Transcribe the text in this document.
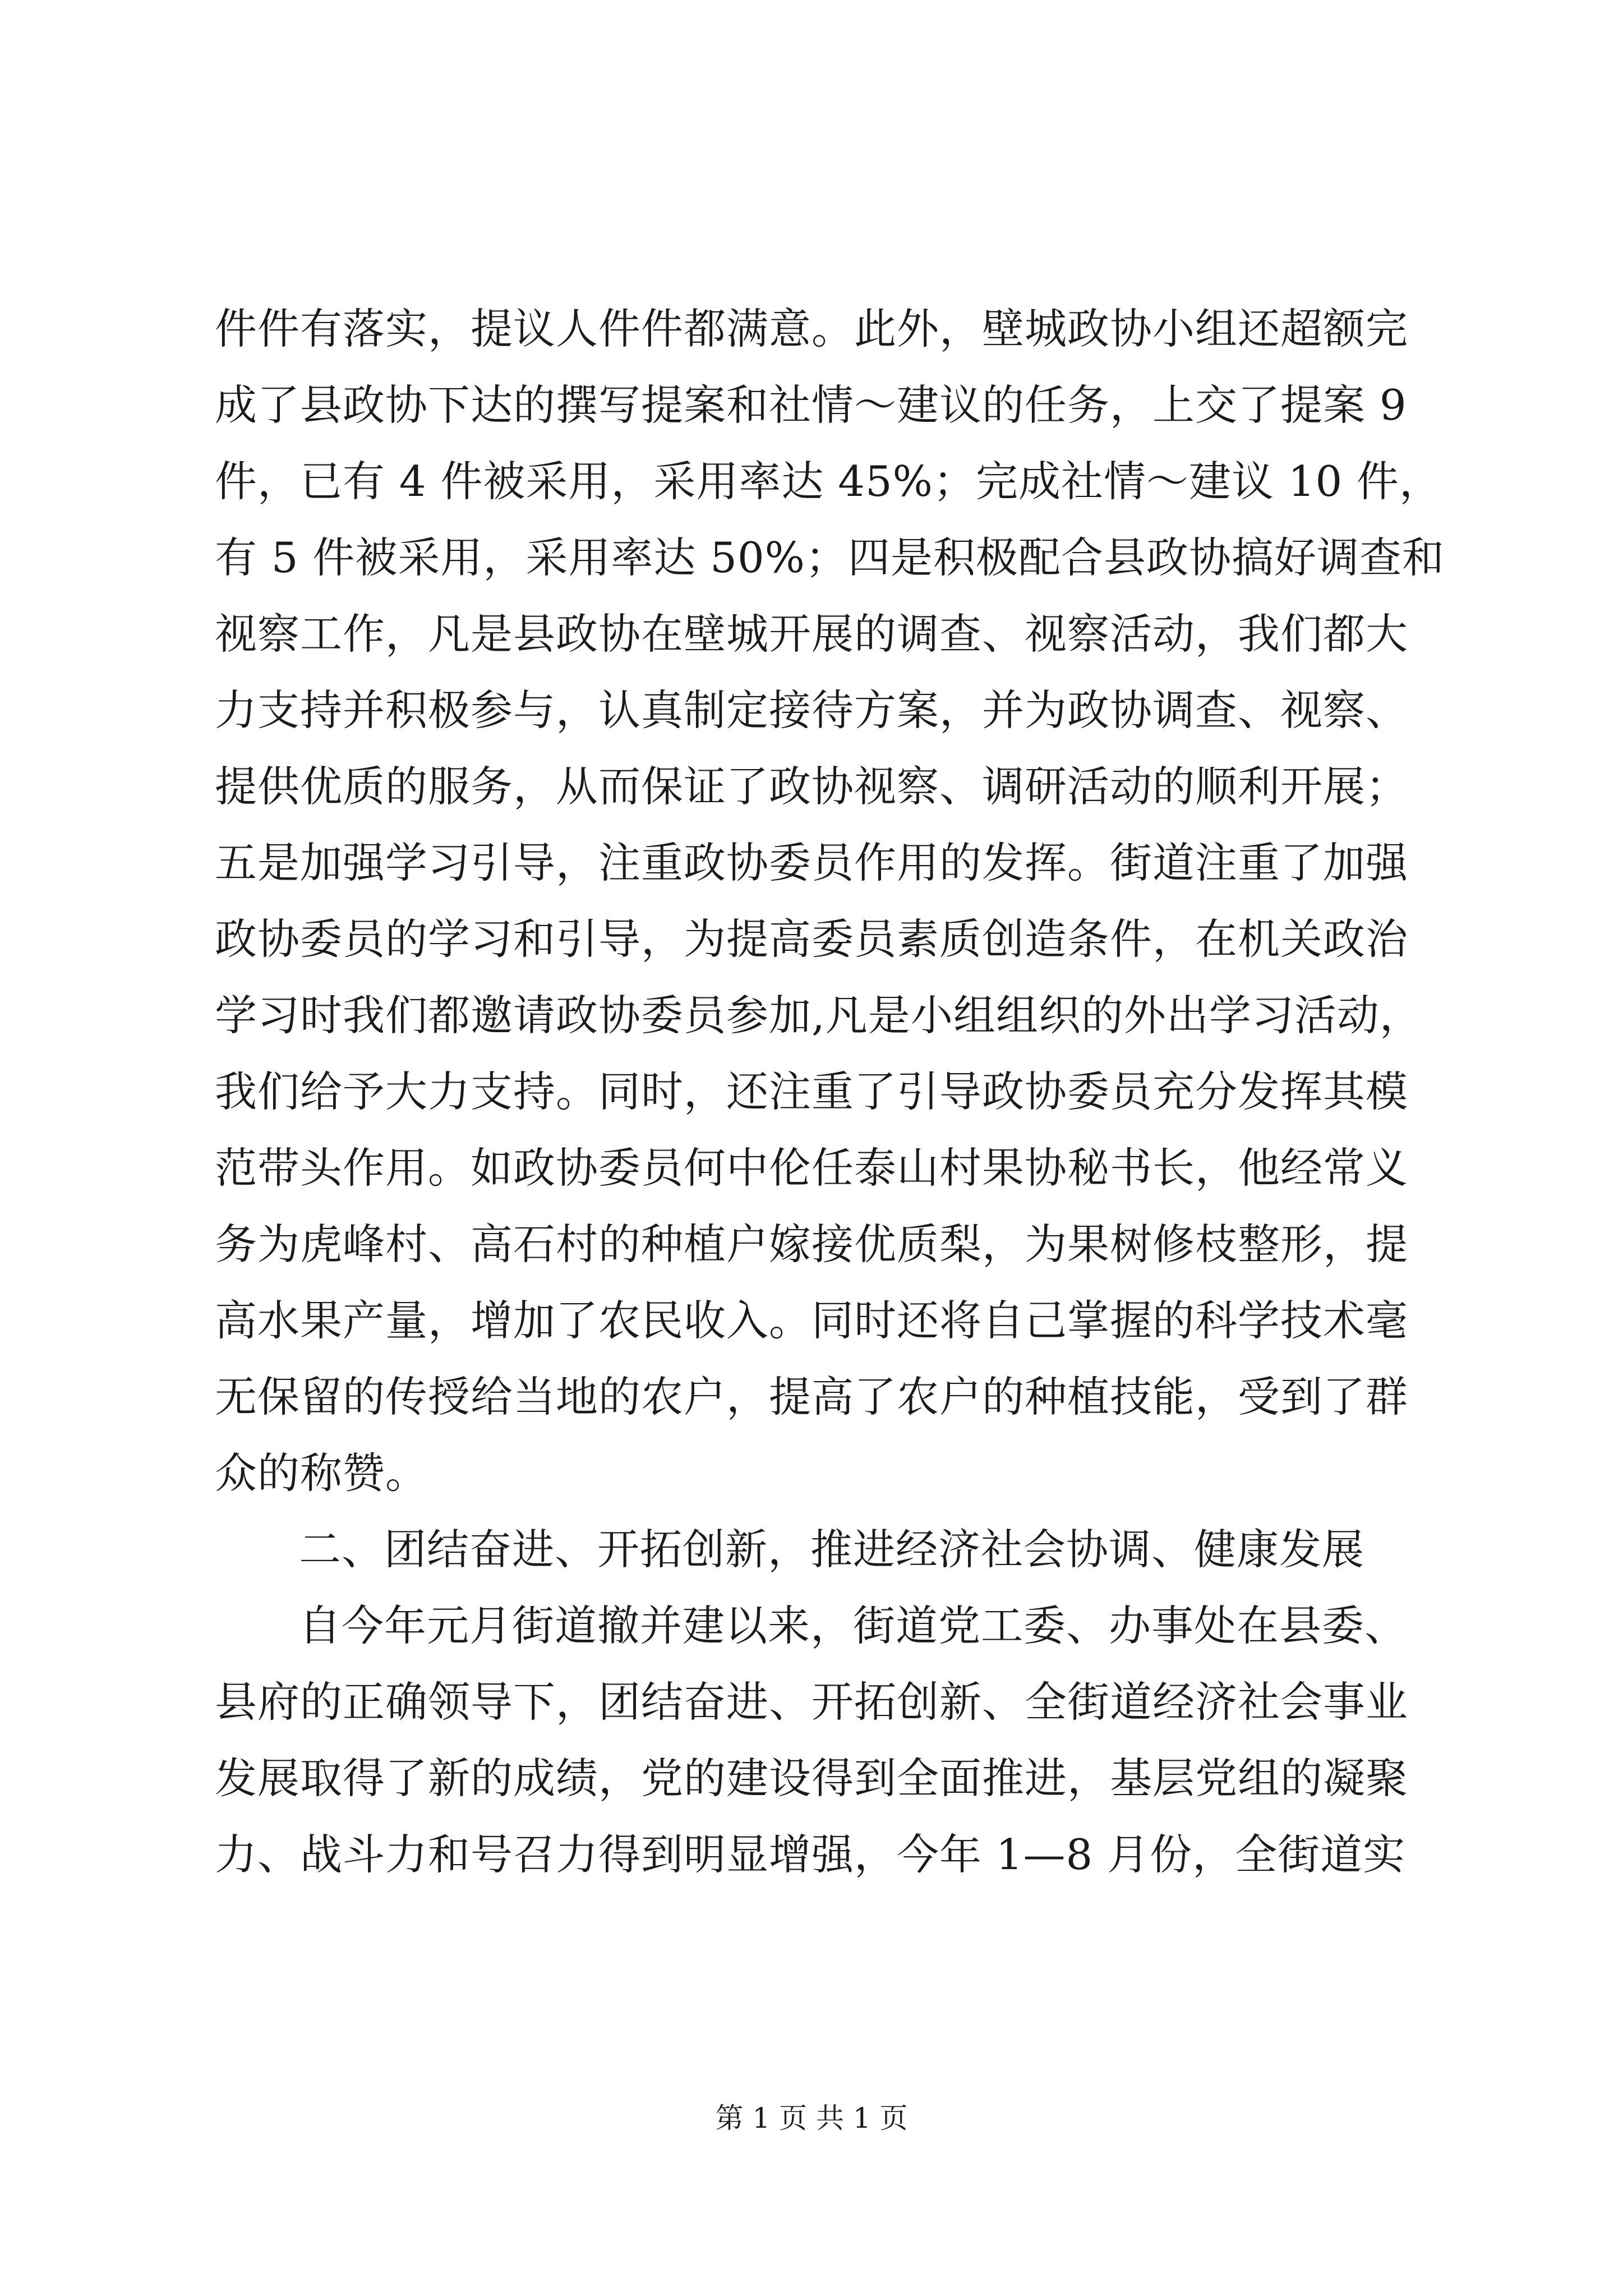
件件有落实，提议人件件都满意。此外，壁城政协小组还超额完
成了县政协下达的撰写提案和社情～建议的任务，上交了提案 9
件，已有 4 件被采用，采用率达 45%；完成社情～建议 10 件，
有 5 件被采用，采用率达 50%；四是积极配合县政协搞好调查和
视察工作，凡是县政协在壁城开展的调查、视察活动，我们都大
力支持并积极参与，认真制定接待方案，并为政协调查、视察、
提供优质的服务，从而保证了政协视察、调研活动的顺利开展；
五是加强学习引导，注重政协委员作用的发挥。街道注重了加强
政协委员的学习和引导，为提高委员素质创造条件，在机关政治
学习时我们都邀请政协委员参加,凡是小组组织的外出学习活动，
我们给予大力支持。同时，还注重了引导政协委员充分发挥其模
范带头作用。如政协委员何中伦任泰山村果协秘书长，他经常义
务为虎峰村、高石村的种植户嫁接优质梨，为果树修枝整形，提
高水果产量，增加了农民收入。同时还将自己掌握的科学技术毫
无保留的传授给当地的农户，提高了农户的种植技能，受到了群
众的称赞。
二、团结奋进、开拓创新，推进经济社会协调、健康发展
自今年元月街道撤并建以来，街道党工委、办事处在县委、
县府的正确领导下，团结奋进、开拓创新、全街道经济社会事业
发展取得了新的成绩，党的建设得到全面推进，基层党组的凝聚
力、战斗力和号召力得到明显增强，今年 1—8 月份，全街道实
第 1 页 共 1 页
